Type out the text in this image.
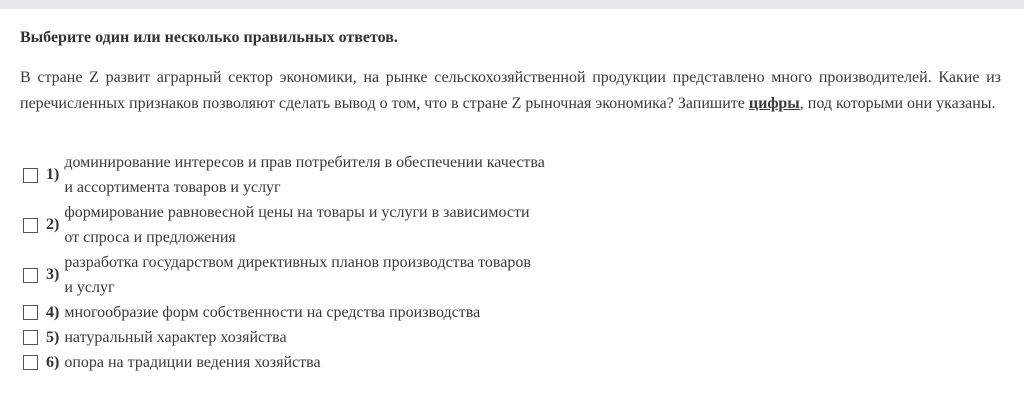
Выберите один или несколько правильных ответов.
В стране Z развит аграрный сектор экономики, на рынке сельскохозяйственной продукции представлено много производителей. Какие из перечисленных признаков позволяют сделать вывод о том, что в стране Z рыночная экономика? Запишите цифры, под которыми они указаны.
1)
доминирование интересов и прав потребителя в обеспечении качества
и ассортимента товаров и услуг
2)
формирование равновесной цены на товары и услуги в зависимости
от спроса и предложения
3)
разработка государством директивных планов производства товаров
и услуг
4) многообразие форм собственности на средства производства
5) натуральный характер хозяйства
6) опора на традиции ведения хозяйства
